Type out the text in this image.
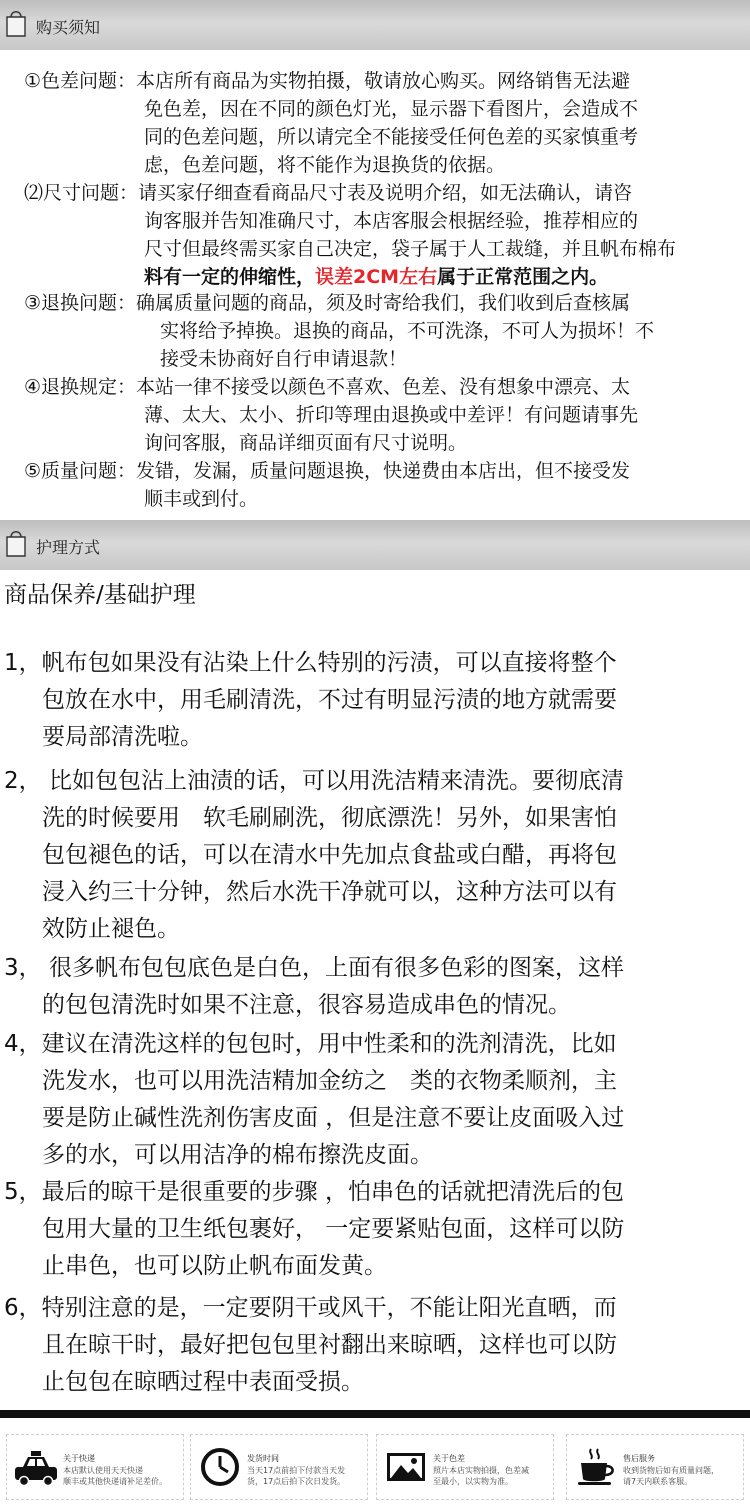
购买须知
①色差问题：本店所有商品为实物拍摄，敬请放心购买。网络销售无法避
免色差，因在不同的颜色灯光，显示器下看图片，会造成不
同的色差问题，所以请完全不能接受任何色差的买家慎重考
虑，色差问题，将不能作为退换货的依据。
⑵尺寸问题：请买家仔细查看商品尺寸表及说明介绍，如无法确认，请咨
询客服并告知准确尺寸，本店客服会根据经验，推荐相应的
尺寸但最终需买家自己决定，袋子属于人工裁缝，并且帆布棉布
料有一定的伸缩性，误差2CM左右属于正常范围之内。
③退换问题：确属质量问题的商品，须及时寄给我们，我们收到后查核属
实将给予掉换。退换的商品，不可洗涤，不可人为损坏！不
接受未协商好自行申请退款！
④退换规定：本站一律不接受以颜色不喜欢、色差、没有想象中漂亮、太
薄、太大、太小、折印等理由退换或中差评！有问题请事先
询问客服，商品详细页面有尺寸说明。
⑤质量问题：发错，发漏，质量问题退换，快递费由本店出，但不接受发
顺丰或到付。
护理方式
商品保养/基础护理
1，帆布包如果没有沾染上什么特别的污渍，可以直接将整个
包放在水中，用毛刷清洗，不过有明显污渍的地方就需要
要局部清洗啦。
2， 比如包包沾上油渍的话，可以用洗洁精来清洗。要彻底清
洗的时候要用　软毛刷刷洗，彻底漂洗！另外，如果害怕
包包褪色的话，可以在清水中先加点食盐或白醋，再将包
浸入约三十分钟，然后水洗干净就可以，这种方法可以有
效防止褪色。
3， 很多帆布包包底色是白色，上面有很多色彩的图案，这样
的包包清洗时如果不注意，很容易造成串色的情况。
4，建议在清洗这样的包包时，用中性柔和的洗剂清洗，比如
洗发水，也可以用洗洁精加金纺之　类的衣物柔顺剂，主
要是防止碱性洗剂伤害皮面 ，但是注意不要让皮面吸入过
多的水，可以用洁净的棉布擦洗皮面。
5，最后的晾干是很重要的步骤 ，怕串色的话就把清洗后的包
包用大量的卫生纸包裹好， 一定要紧贴包面，这样可以防
止串色，也可以防止帆布面发黄。
6，特别注意的是，一定要阴干或风干，不能让阳光直晒，而
且在晾干时，最好把包包里衬翻出来晾晒，这样也可以防
止包包在晾晒过程中表面受损。
关于快递
本店默认使用天天快递
顺丰或其他快递请补足差价。
发货时间
当天17点前拍下付款当天发
货，17点后拍下次日发货。
关于色差
照片本店实物拍摄，色差减
至最小，以实物为准。
售后服务
收到货物后如有质量问题，
请7天内联系客服。
